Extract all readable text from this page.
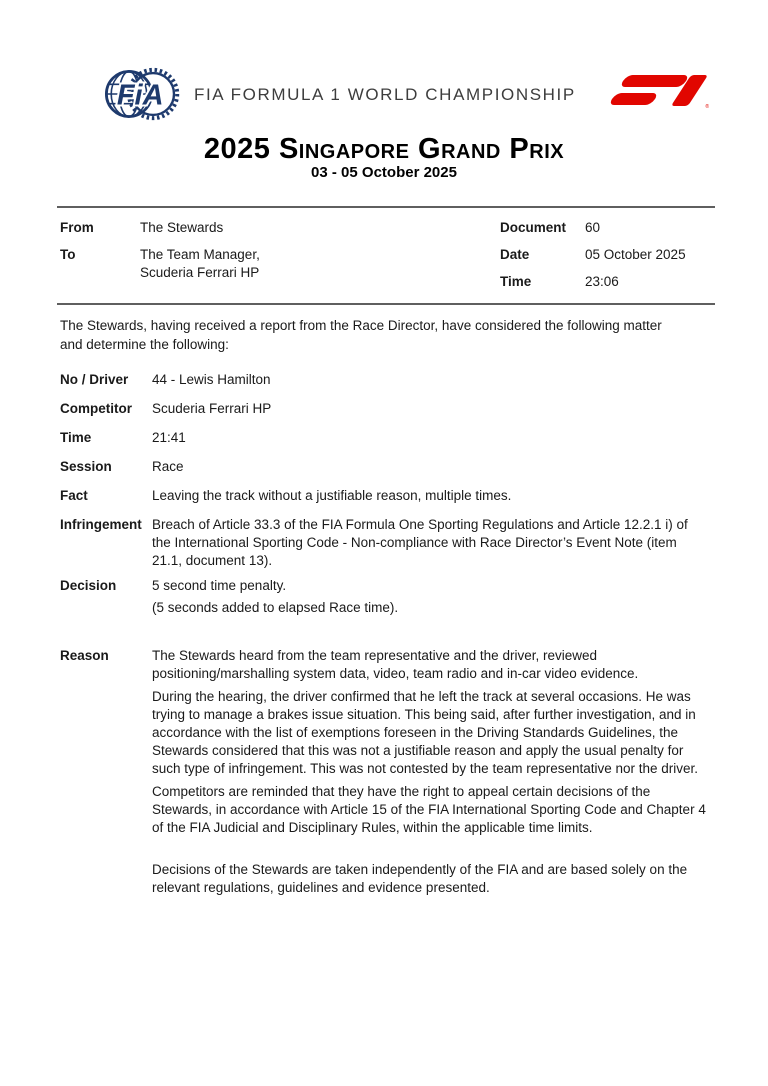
FiA FIA FORMULA 1 WORLD CHAMPIONSHIP
®
2025 Singapore Grand Prix
03 - 05 October 2025
From	The Stewards
To	The Team Manager,
Scuderia Ferrari HP
Document	60
Date	05 October 2025
Time	23:06
The Stewards, having received a report from the Race Director, have considered the following matter and determine the following:
No / Driver	44 - Lewis Hamilton
Competitor	Scuderia Ferrari HP
Time	21:41
Session	Race
Fact	Leaving the track without a justifiable reason, multiple times.
Infringement Breach of Article 33.3 of the FIA Formula One Sporting Regulations and Article 12.2.1 i) of the International Sporting Code - Non-compliance with Race Director’s Event Note (item 21.1, document 13).
Decision	5 second time penalty.
(5 seconds added to elapsed Race time).
Reason	The Stewards heard from the team representative and the driver, reviewed positioning/marshalling system data, video, team radio and in-car video evidence.
During the hearing, the driver confirmed that he left the track at several occasions. He was trying to manage a brakes issue situation. This being said, after further investigation, and in accordance with the list of exemptions foreseen in the Driving Standards Guidelines, the Stewards considered that this was not a justifiable reason and apply the usual penalty for such type of infringement. This was not contested by the team representative nor the driver.
Competitors are reminded that they have the right to appeal certain decisions of the Stewards, in accordance with Article 15 of the FIA International Sporting Code and Chapter 4 of the FIA Judicial and Disciplinary Rules, within the applicable time limits.
Decisions of the Stewards are taken independently of the FIA and are based solely on the relevant regulations, guidelines and evidence presented.
